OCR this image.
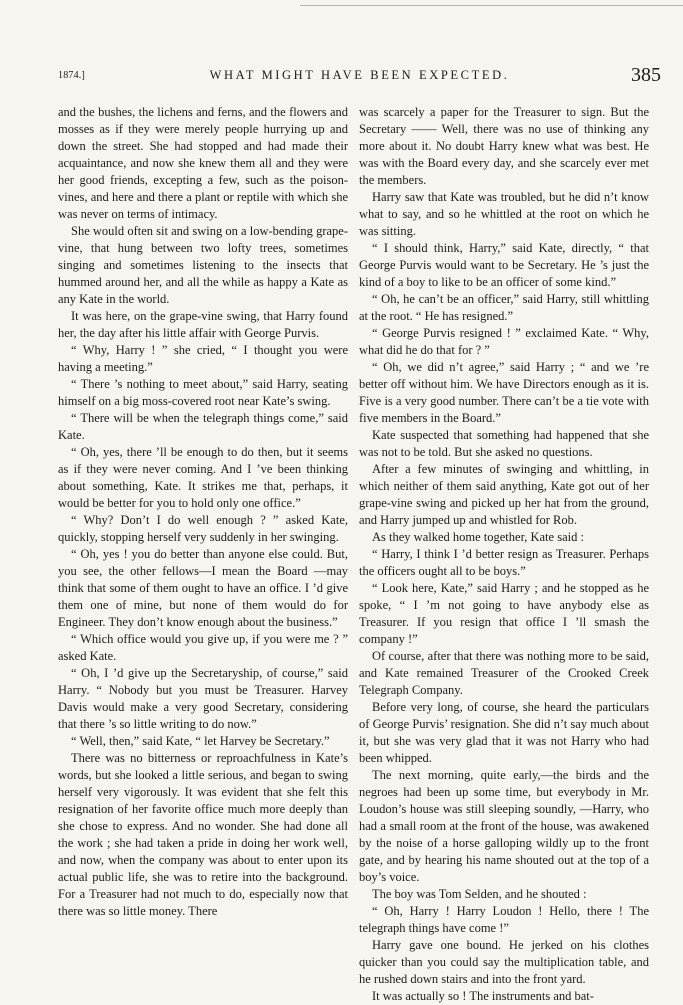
1874.]	WHAT MIGHT HAVE BEEN EXPECTED.	385

and the bushes, the lichens and ferns, and the flowers and mosses as if they were merely people hurrying up and down the street. She had stopped and had made their acquaintance, and now she knew them all and they were her good friends, excepting a few, such as the poison-vines, and here and there a plant or reptile with which she was never on terms of intimacy.

She would often sit and swing on a low-bending grape-vine, that hung between two lofty trees, sometimes singing and sometimes listening to the insects that hummed around her, and all the while as happy a Kate as any Kate in the world.

It was here, on the grape-vine swing, that Harry found her, the day after his little affair with George Purvis.

“ Why, Harry ! ” she cried, “ I thought you were having a meeting.”

“ There ’s nothing to meet about,” said Harry, seating himself on a big moss-covered root near Kate’s swing.

“ There will be when the telegraph things come,” said Kate.

“ Oh, yes, there ’ll be enough to do then, but it seems as if they were never coming. And I ’ve been thinking about something, Kate. It strikes me that, perhaps, it would be better for you to hold only one office.”

“ Why? Don’t I do well enough ? ” asked Kate, quickly, stopping herself very suddenly in her swinging.

“ Oh, yes ! you do better than anyone else could. But, you see, the other fellows—I mean the Board —may think that some of them ought to have an office. I ’d give them one of mine, but none of them would do for Engineer. They don’t know enough about the business.”

“ Which office would you give up, if you were me ? ” asked Kate.

“ Oh, I ’d give up the Secretaryship, of course,” said Harry. “ Nobody but you must be Treasurer. Harvey Davis would make a very good Secretary, considering that there ’s so little writing to do now.”

“ Well, then,” said Kate, “ let Harvey be Secretary.”

There was no bitterness or reproachfulness in Kate’s words, but she looked a little serious, and began to swing herself very vigorously. It was evident that she felt this resignation of her favorite office much more deeply than she chose to express. And no wonder. She had done all the work ; she had taken a pride in doing her work well, and now, when the company was about to enter upon its actual public life, she was to retire into the background. For a Treasurer had not much to do, especially now that there was so little money. There

was scarcely a paper for the Treasurer to sign. But the Secretary —— Well, there was no use of thinking any more about it. No doubt Harry knew what was best. He was with the Board every day, and she scarcely ever met the members.

Harry saw that Kate was troubled, but he did n’t know what to say, and so he whittled at the root on which he was sitting.

“ I should think, Harry,” said Kate, directly, “ that George Purvis would want to be Secretary. He ’s just the kind of a boy to like to be an officer of some kind.”

“ Oh, he can’t be an officer,” said Harry, still whittling at the root. “ He has resigned.”

“ George Purvis resigned ! ” exclaimed Kate. “ Why, what did he do that for ? ”

“ Oh, we did n’t agree,” said Harry ; “ and we ’re better off without him. We have Directors enough as it is. Five is a very good number. There can’t be a tie vote with five members in the Board.”

Kate suspected that something had happened that she was not to be told. But she asked no questions.

After a few minutes of swinging and whittling, in which neither of them said anything, Kate got out of her grape-vine swing and picked up her hat from the ground, and Harry jumped up and whistled for Rob.

As they walked home together, Kate said :

“ Harry, I think I ’d better resign as Treasurer. Perhaps the officers ought all to be boys.”

“ Look here, Kate,” said Harry ; and he stopped as he spoke, “ I ’m not going to have anybody else as Treasurer. If you resign that office I ’ll smash the company !”

Of course, after that there was nothing more to be said, and Kate remained Treasurer of the Crooked Creek Telegraph Company.

Before very long, of course, she heard the particulars of George Purvis’ resignation. She did n’t say much about it, but she was very glad that it was not Harry who had been whipped.

The next morning, quite early,—the birds and the negroes had been up some time, but everybody in Mr. Loudon’s house was still sleeping soundly, —Harry, who had a small room at the front of the house, was awakened by the noise of a horse galloping wildly up to the front gate, and by hearing his name shouted out at the top of a boy’s voice.

The boy was Tom Selden, and he shouted :

“ Oh, Harry ! Harry Loudon ! Hello, there ! The telegraph things have come !”

Harry gave one bound. He jerked on his clothes quicker than you could say the multiplication table, and he rushed down stairs and into the front yard.

It was actually so ! The instruments and bat-
